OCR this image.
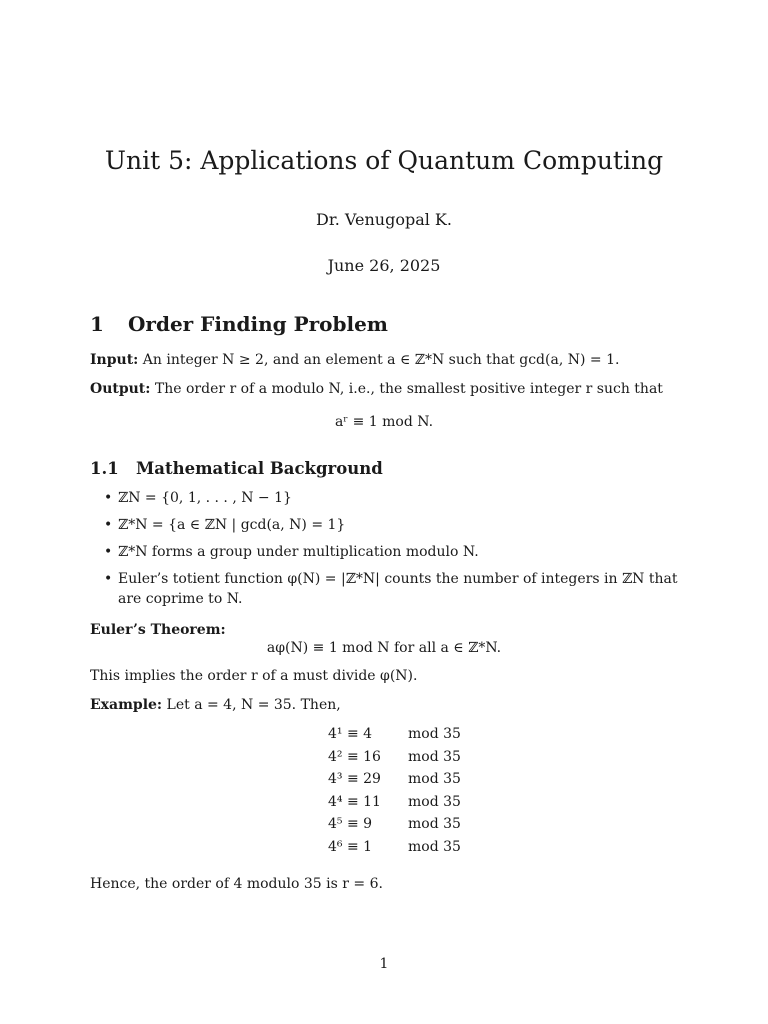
Unit 5: Applications of Quantum Computing
Dr. Venugopal K.
June 26, 2025
1 Order Finding Problem
Input: An integer N ≥ 2, and an element a ∈ ℤ*N such that gcd(a, N) = 1.
Output: The order r of a modulo N, i.e., the smallest positive integer r such that
aʳ ≡ 1 mod N.
1.1 Mathematical Background
• ℤN = {0, 1, . . . , N − 1}
• ℤ*N = {a ∈ ℤN | gcd(a, N) = 1}
• ℤ*N forms a group under multiplication modulo N.
• Euler’s totient function φ(N) = |ℤ*N| counts the number of integers in ℤN that are coprime to N.
Euler’s Theorem:
aφ(N) ≡ 1 mod N for all a ∈ ℤ*N.
This implies the order r of a must divide φ(N).
Example: Let a = 4, N = 35. Then,
4¹ ≡ 4	mod 35
4² ≡ 16	mod 35
4³ ≡ 29	mod 35
4⁴ ≡ 11	mod 35
4⁵ ≡ 9	mod 35
4⁶ ≡ 1	mod 35
Hence, the order of 4 modulo 35 is r = 6.
1
